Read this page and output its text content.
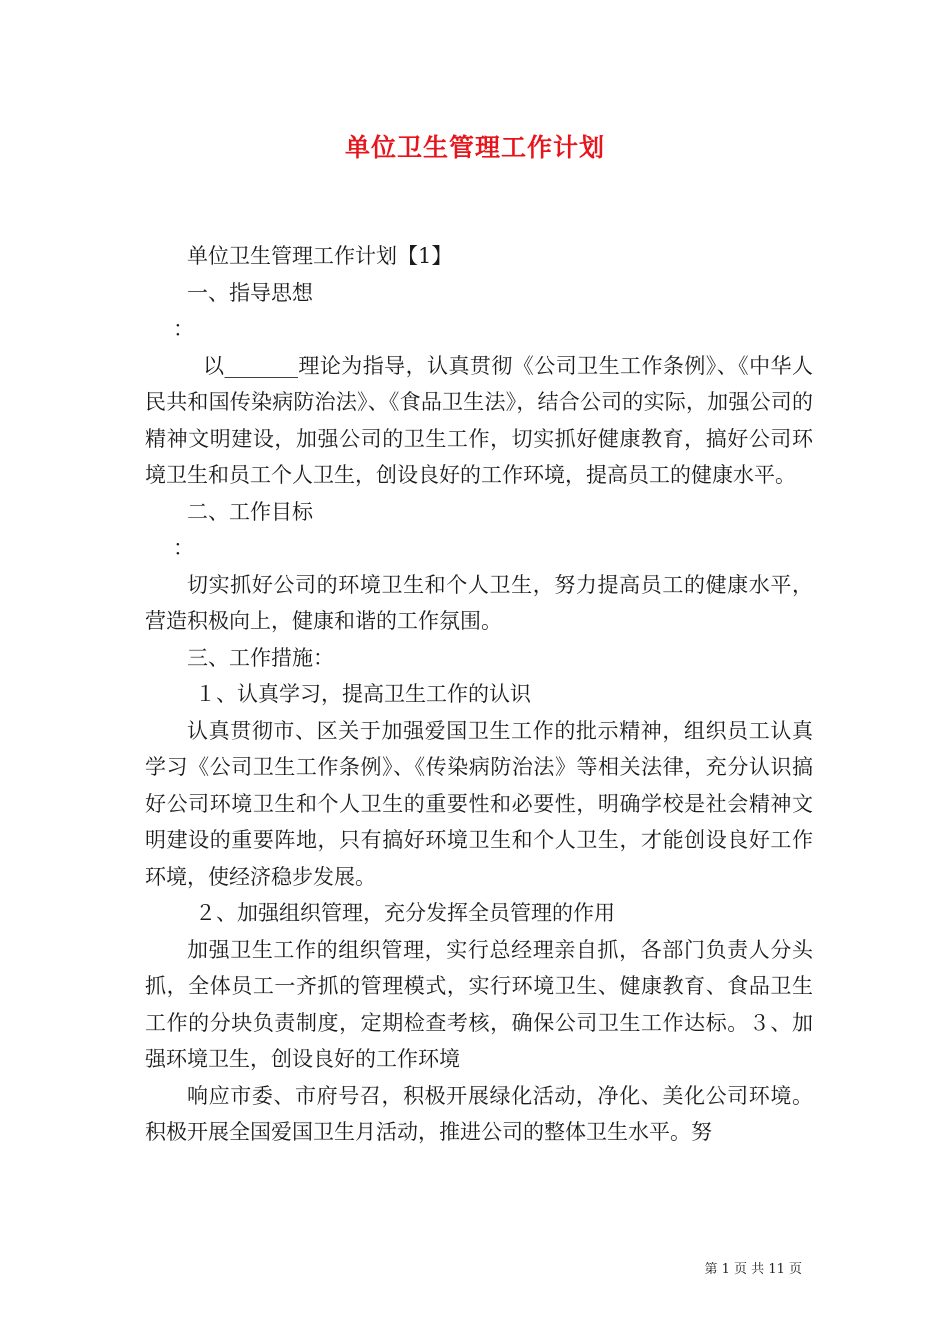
单位卫生管理工作计划

单位卫生管理工作计划【1】

一、指导思想

：

以_______理论为指导，认真贯彻《公司卫生工作条例》、《中华人民共和国传染病防治法》、《食品卫生法》，结合公司的实际，加强公司的精神文明建设，加强公司的卫生工作，切实抓好健康教育，搞好公司环境卫生和员工个人卫生，创设良好的工作环境，提高员工的健康水平。

二、工作目标

：

切实抓好公司的环境卫生和个人卫生，努力提高员工的健康水平，营造积极向上，健康和谐的工作氛围。

三、工作措施：

１、认真学习，提高卫生工作的认识

认真贯彻市、区关于加强爱国卫生工作的批示精神，组织员工认真学习《公司卫生工作条例》、《传染病防治法》等相关法律，充分认识搞好公司环境卫生和个人卫生的重要性和必要性，明确学校是社会精神文明建设的重要阵地，只有搞好环境卫生和个人卫生，才能创设良好工作环境，使经济稳步发展。

２、加强组织管理，充分发挥全员管理的作用

加强卫生工作的组织管理，实行总经理亲自抓，各部门负责人分头抓，全体员工一齐抓的管理模式，实行环境卫生、健康教育、食品卫生工作的分块负责制度，定期检查考核，确保公司卫生工作达标。３、加强环境卫生，创设良好的工作环境

响应市委、市府号召，积极开展绿化活动，净化、美化公司环境。积极开展全国爱国卫生月活动，推进公司的整体卫生水平。努

第 1 页 共 11 页
